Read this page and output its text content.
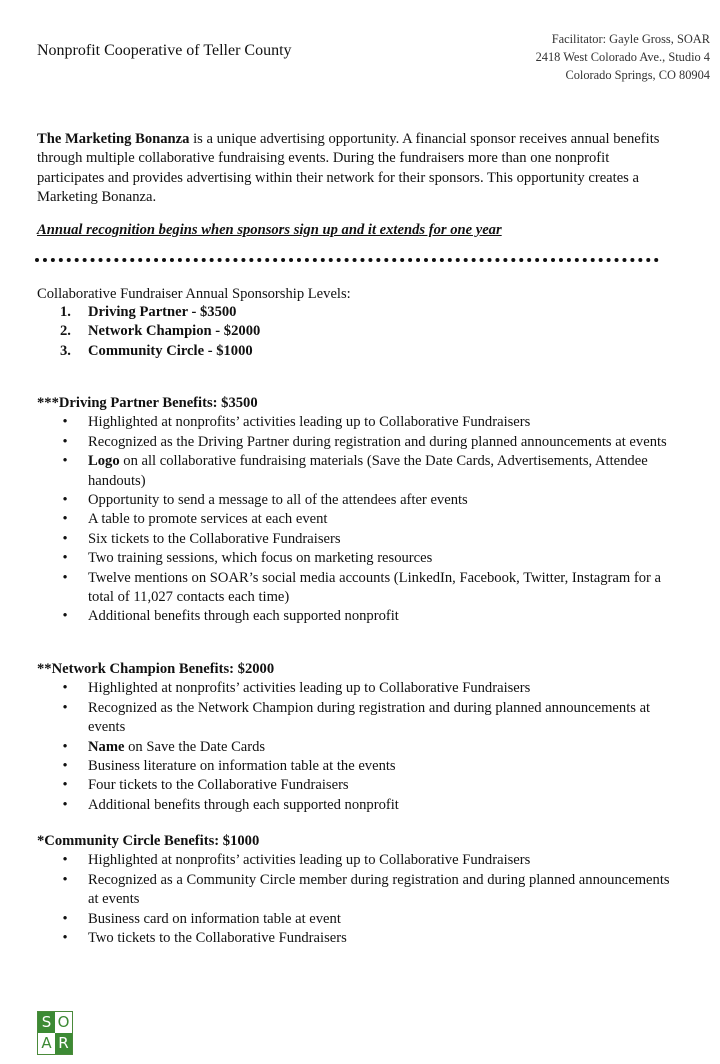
Nonprofit Cooperative of Teller County
Facilitator: Gayle Gross, SOAR
2418 West Colorado Ave., Studio 4
Colorado Springs, CO 80904

The Marketing Bonanza is a unique advertising opportunity. A financial sponsor receives annual benefits through multiple collaborative fundraising events. During the fundraisers more than one nonprofit participates and provides advertising within their network for their sponsors. This opportunity creates a Marketing Bonanza.

Annual recognition begins when sponsors sign up and it extends for one year
Collaborative Fundraiser Annual Sponsorship Levels:
1.	Driving Partner - $3500
2.	Network Champion - $2000
3.	Community Circle - $1000
***Driving Partner Benefits: $3500
• Highlighted at nonprofits’ activities leading up to Collaborative Fundraisers
• Recognized as the Driving Partner during registration and during planned announcements at events
• Logo on all collaborative fundraising materials (Save the Date Cards, Advertisements, Attendee handouts)
• Opportunity to send a message to all of the attendees after events
• A table to promote services at each event
• Six tickets to the Collaborative Fundraisers
• Two training sessions, which focus on marketing resources
• Twelve mentions on SOAR’s social media accounts (LinkedIn, Facebook, Twitter, Instagram for a total of 11,027 contacts each time)
• Additional benefits through each supported nonprofit
**Network Champion Benefits: $2000
• Highlighted at nonprofits’ activities leading up to Collaborative Fundraisers
• Recognized as the Network Champion during registration and during planned announcements at events
• Name on Save the Date Cards
• Business literature on information table at the events
• Four tickets to the Collaborative Fundraisers
• Additional benefits through each supported nonprofit
*Community Circle Benefits: $1000
• Highlighted at nonprofits’ activities leading up to Collaborative Fundraisers
• Recognized as a Community Circle member during registration and during planned announcements at events
• Business card on information table at event
• Two tickets to the Collaborative Fundraisers
S O
A R
